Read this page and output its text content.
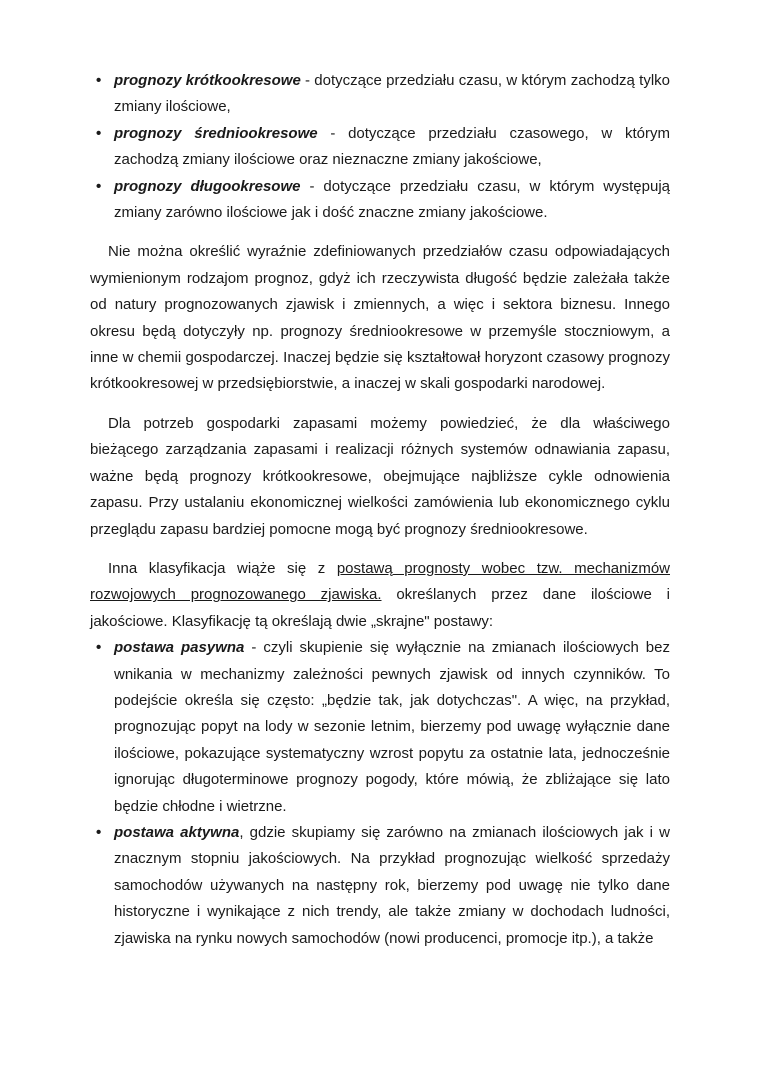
• prognozy krótkookresowe - dotyczące przedziału czasu, w którym zachodzą tylko zmiany ilościowe,
• prognozy średniookresowe - dotyczące przedziału czasowego, w którym zachodzą zmiany ilościowe oraz nieznaczne zmiany jakościowe,
• prognozy długookresowe - dotyczące przedziału czasu, w którym występują zmiany zarówno ilościowe jak i dość znaczne zmiany jakościowe.

Nie można określić wyraźnie zdefiniowanych przedziałów czasu odpowiadających wymienionym rodzajom prognoz, gdyż ich rzeczywista długość będzie zależała także od natury prognozowanych zjawisk i zmiennych, a więc i sektora biznesu. Innego okresu będą dotyczyły np. prognozy średniookresowe w przemyśle stoczniowym, a inne w chemii gospodarczej. Inaczej będzie się kształtował horyzont czasowy prognozy krótkookresowej w przedsiębiorstwie, a inaczej w skali gospodarki narodowej.

Dla potrzeb gospodarki zapasami możemy powiedzieć, że dla właściwego bieżącego zarządzania zapasami i realizacji różnych systemów odnawiania zapasu, ważne będą prognozy krótkookresowe, obejmujące najbliższe cykle odnowienia zapasu. Przy ustalaniu ekonomicznej wielkości zamówienia lub ekonomicznego cyklu przeglądu zapasu bardziej pomocne mogą być prognozy średniookresowe.

Inna klasyfikacja wiąże się z postawą prognosty wobec tzw. mechanizmów rozwojowych prognozowanego zjawiska. określanych przez dane ilościowe i jakościowe. Klasyfikację tą określają dwie „skrajne" postawy:

• postawa pasywna - czyli skupienie się wyłącznie na zmianach ilościowych bez wnikania w mechanizmy zależności pewnych zjawisk od innych czynników. To podejście określa się często: „będzie tak, jak dotychczas". A więc, na przykład, prognozując popyt na lody w sezonie letnim, bierzemy pod uwagę wyłącznie dane ilościowe, pokazujące systematyczny wzrost popytu za ostatnie lata, jednocześnie ignorując długoterminowe prognozy pogody, które mówią, że zbliżające się lato będzie chłodne i wietrzne.
• postawa aktywna, gdzie skupiamy się zarówno na zmianach ilościowych jak i w znacznym stopniu jakościowych. Na przykład prognozując wielkość sprzedaży samochodów używanych na następny rok, bierzemy pod uwagę nie tylko dane historyczne i wynikające z nich trendy, ale także zmiany w dochodach ludności, zjawiska na rynku nowych samochodów (nowi producenci, promocje itp.), a także
